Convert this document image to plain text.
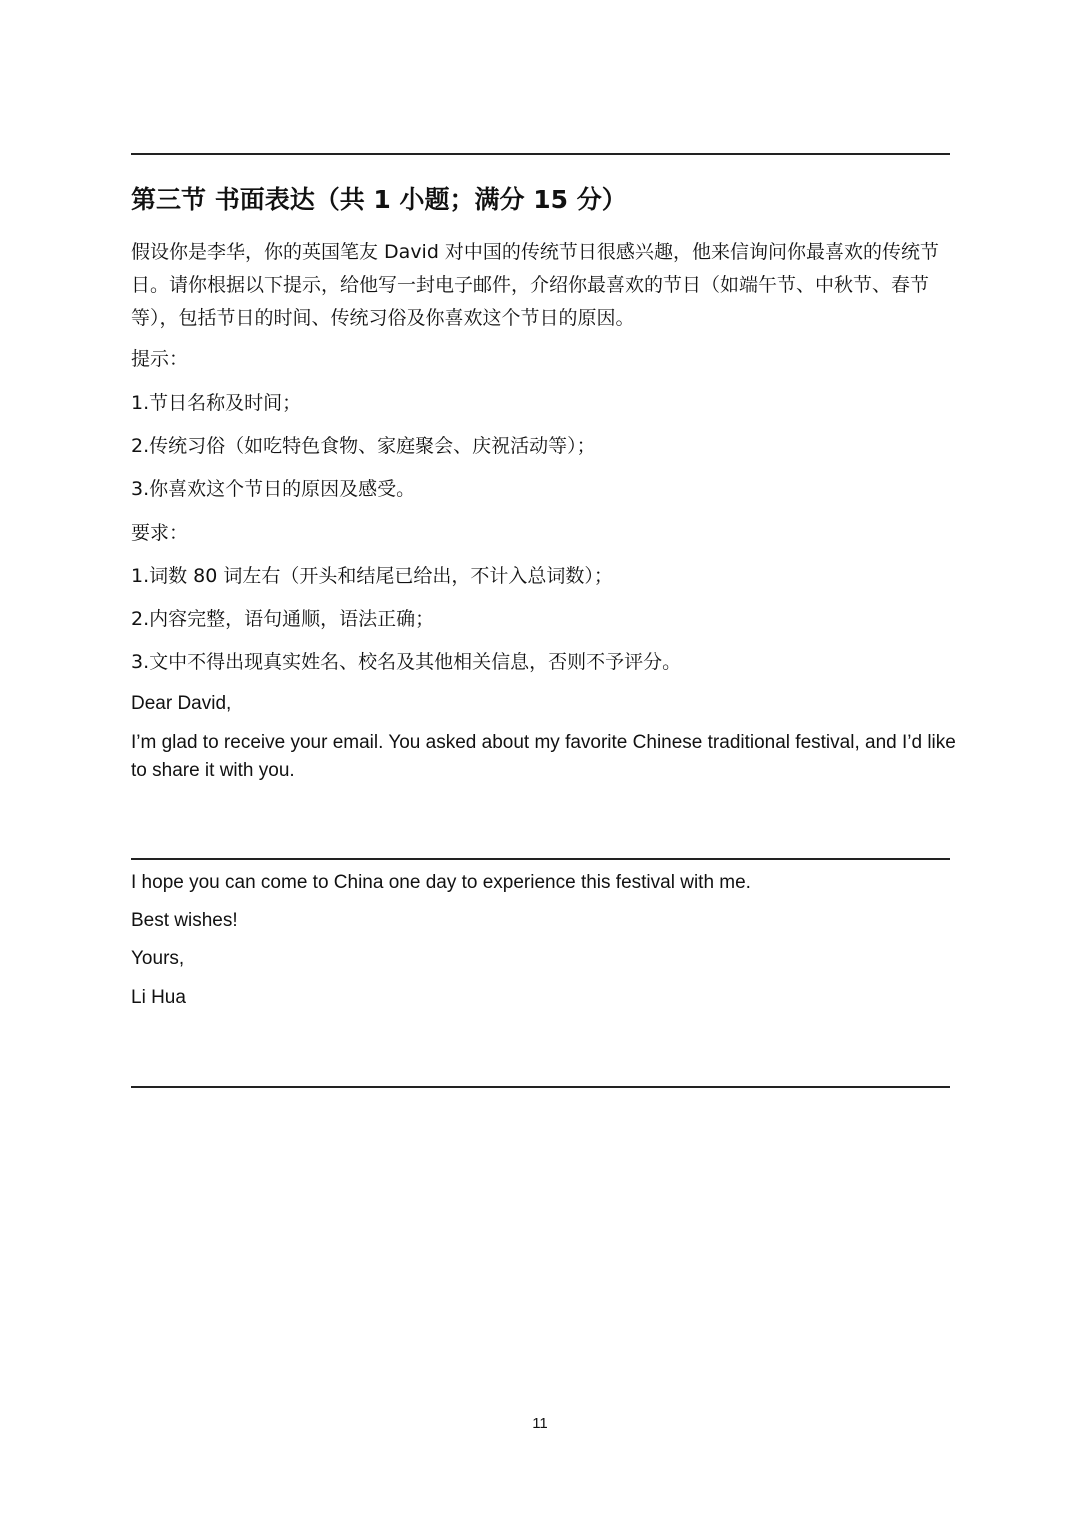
第三节 书面表达（共 1 小题；满分 15 分）
假设你是李华，你的英国笔友 David 对中国的传统节日很感兴趣，他来信询问你最喜欢的传统节日。请你根据以下提示，给他写一封电子邮件，介绍你最喜欢的节日（如端午节、中秋节、春节等），包括节日的时间、传统习俗及你喜欢这个节日的原因。
提示：
1.节日名称及时间；
2.传统习俗（如吃特色食物、家庭聚会、庆祝活动等）；
3.你喜欢这个节日的原因及感受。
要求：
1.词数 80 词左右（开头和结尾已给出，不计入总词数）；
2.内容完整，语句通顺，语法正确；
3.文中不得出现真实姓名、校名及其他相关信息，否则不予评分。
Dear David,
I’m glad to receive your email. You asked about my favorite Chinese traditional festival, and I’d like to share it with you.
I hope you can come to China one day to experience this festival with me.
Best wishes!
Yours,
Li Hua
11
